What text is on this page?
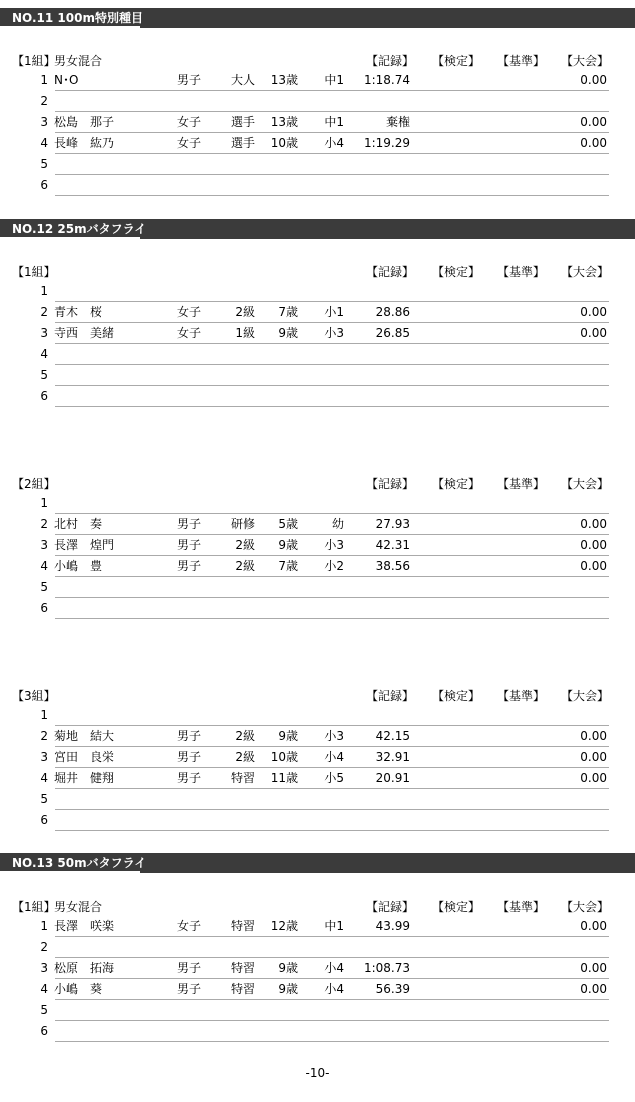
NO.11 100m特別種目
【1組】
男女混合	【記録】 【検定】 【基準】 【大会】
1 N･O	男子	大人	13歳	中1	1:18.74	0.00
2
3 松島　那子	女子	選手	13歳	中1	棄権	0.00
4 長峰　紘乃	女子	選手	10歳	小4	1:19.29	0.00
5
6
NO.12 25mバタフライ
【1組】	【記録】 【検定】 【基準】 【大会】
1
2 青木　桜	女子	2級	7歳	小1	28.86	0.00
3 寺西　美緒	女子	1級	9歳	小3	26.85	0.00
4
5
6
【2組】	【記録】 【検定】 【基準】 【大会】
1
2 北村　奏	男子	研修	5歳	幼	27.93	0.00
3 長澤　煌門	男子	2級	9歳	小3	42.31	0.00
4 小嶋　豊	男子	2級	7歳	小2	38.56	0.00
5
6
【3組】	【記録】 【検定】 【基準】 【大会】
1
2 菊地　結大	男子	2級	9歳	小3	42.15	0.00
3 宮田　良栄	男子	2級	10歳	小4	32.91	0.00
4 堀井　健翔	男子	特習	11歳	小5	20.91	0.00
5
6
NO.13 50mバタフライ
【1組】
男女混合	【記録】 【検定】 【基準】 【大会】
1 長澤　咲楽	女子	特習	12歳	中1	43.99	0.00
2
3 松原　拓海	男子	特習	9歳	小4	1:08.73	0.00
4 小嶋　葵	男子	特習	9歳	小4	56.39	0.00
5
6
-10-
